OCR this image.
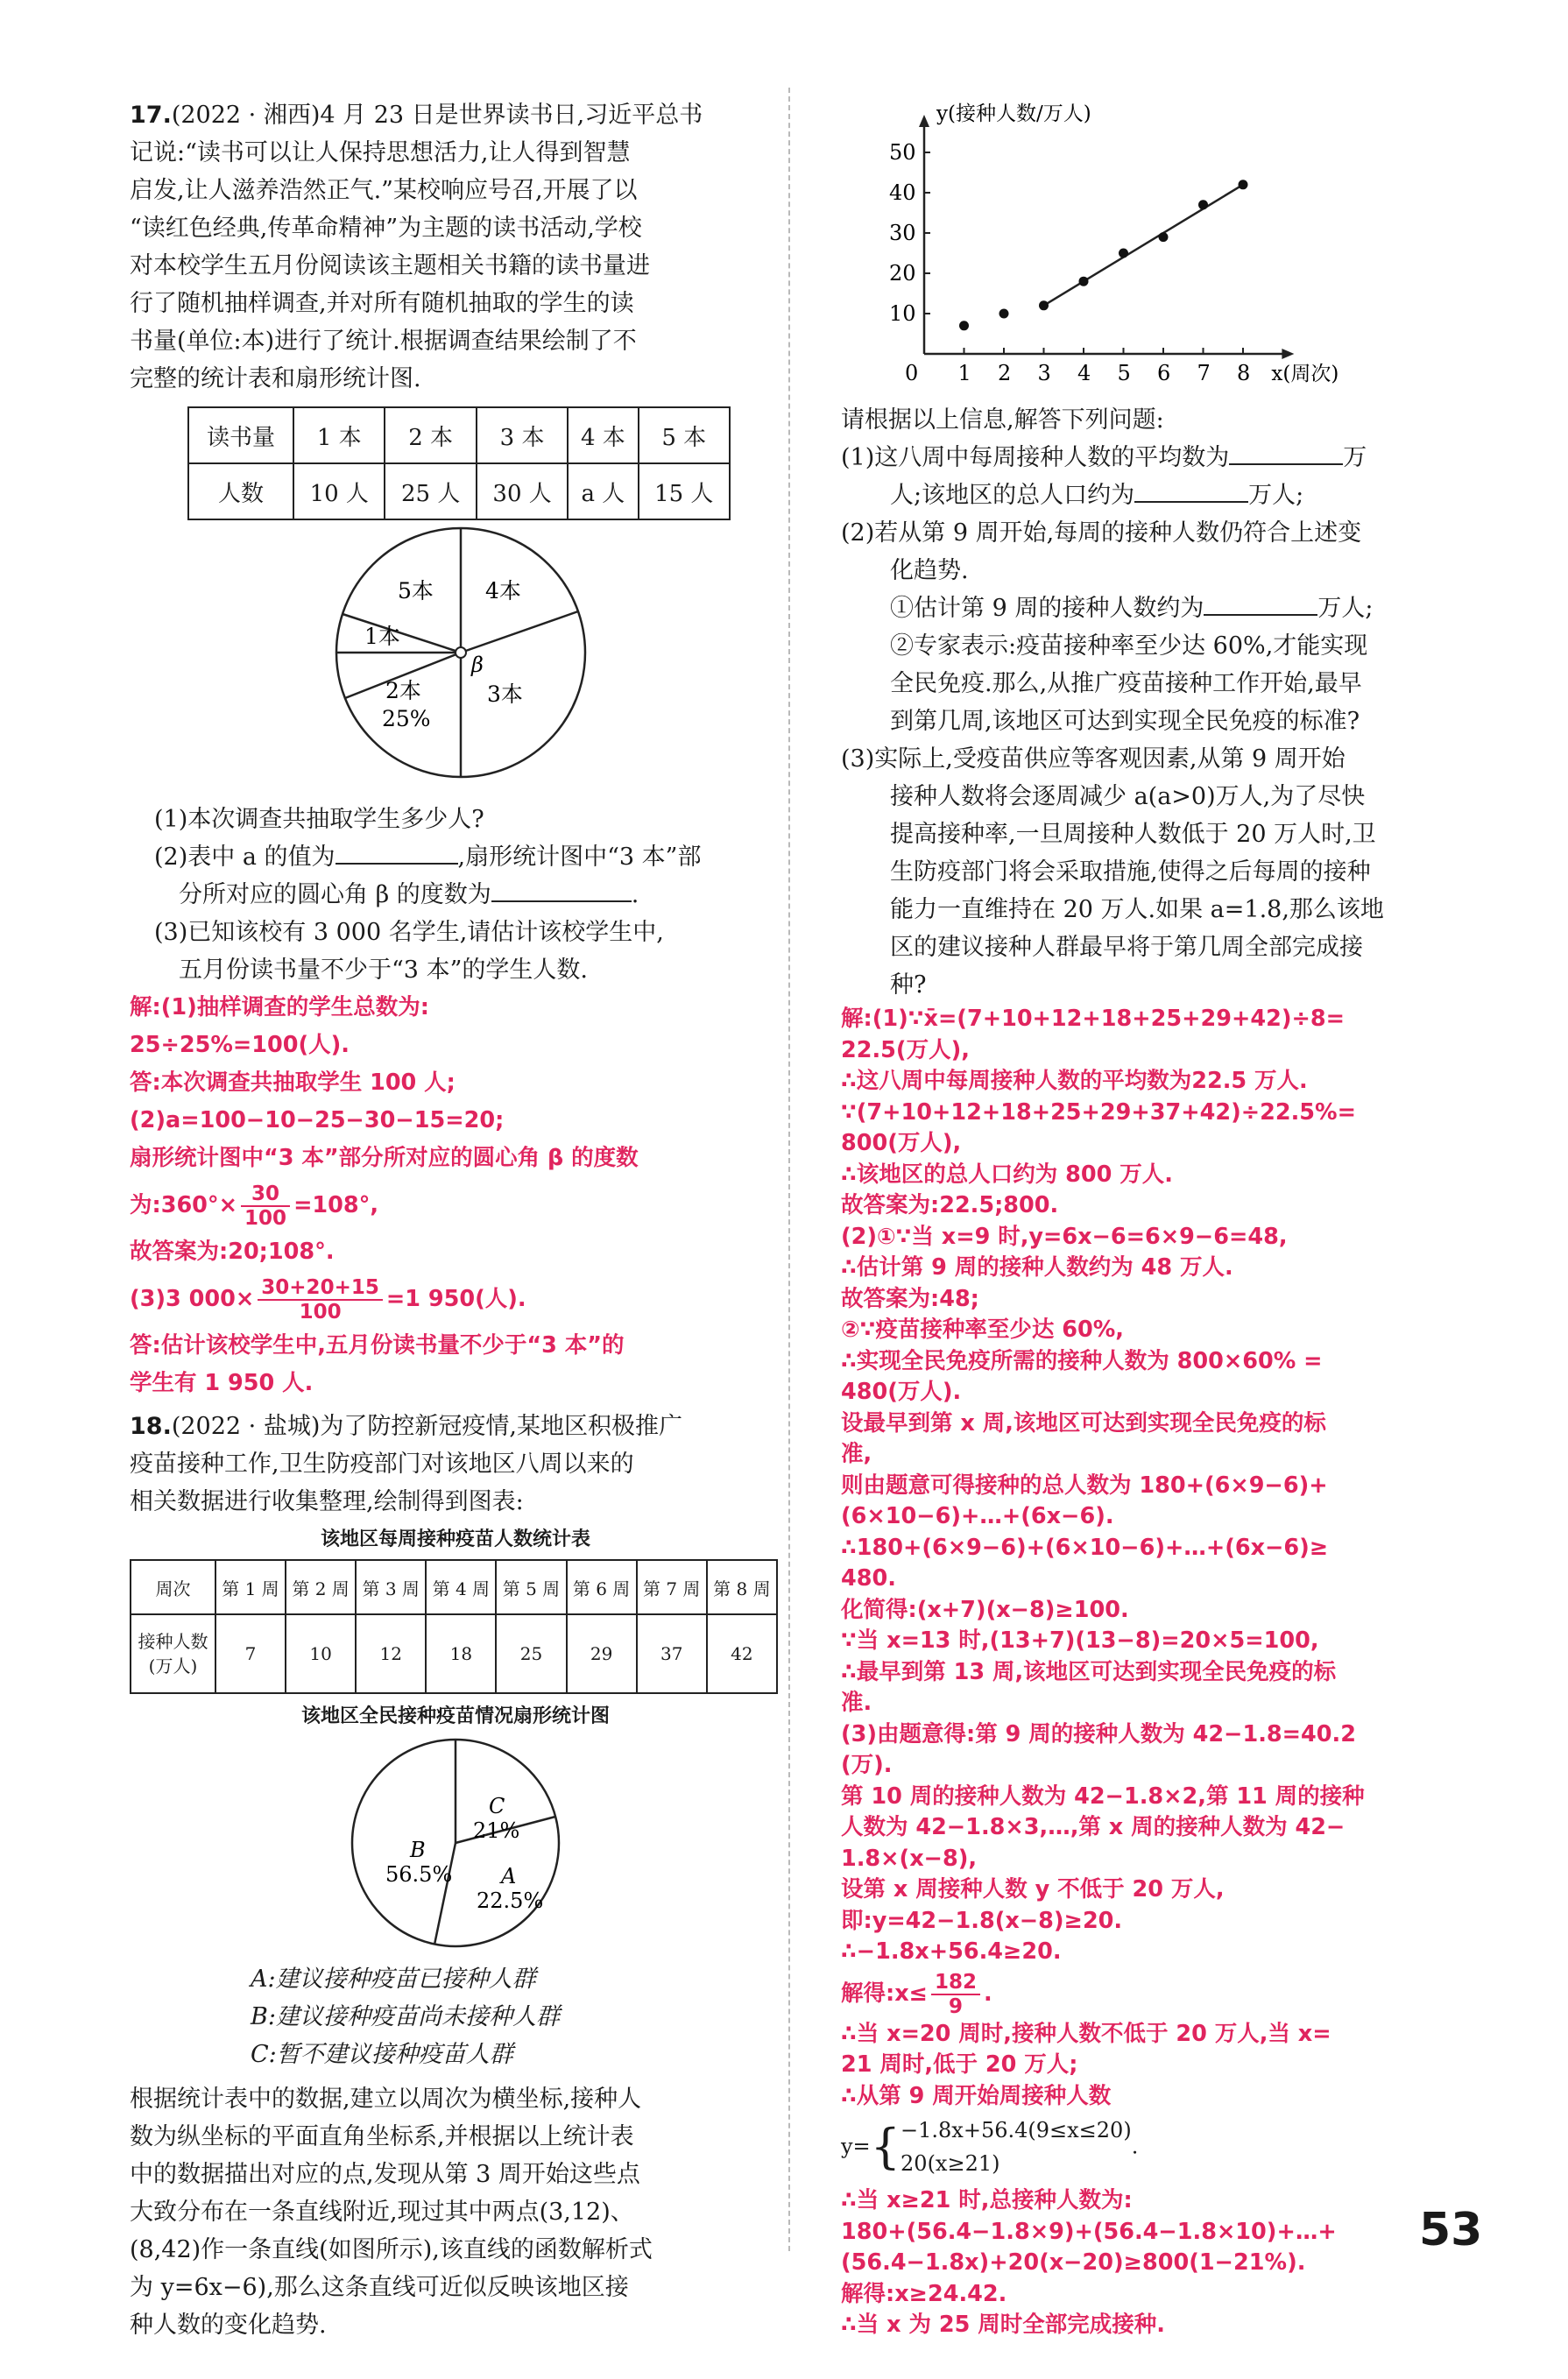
17.(2022 · 湘西)4 月 23 日是世界读书日,习近平总书

记说:“读书可以让人保持思想活力,让人得到智慧

启发,让人滋养浩然正气.”某校响应号召,开展了以

“读红色经典,传革命精神”为主题的读书活动,学校

对本校学生五月份阅读该主题相关书籍的读书量进

行了随机抽样调查,并对所有随机抽取的学生的读

书量(单位:本)进行了统计.根据调查结果绘制了不

完整的统计表和扇形统计图.

读书量	1 本	2 本	3 本	4 本	5 本
人数	10 人	25 人	30 人	a 人	15 人
5本 4本
1本
2本
25%
β
3本

(1)本次调查共抽取学生多少人?

(2)表中 a 的值为	,扇形统计图中“3 本”部

分所对应的圆心角 β 的度数为	.

(3)已知该校有 3 000 名学生,请估计该校学生中,

五月份读书量不少于“3 本”的学生人数.

解:(1)抽样调查的学生总数为:
25÷25%=100(人).
答:本次调查共抽取学生 100 人;
(2)a=100−10−25−30−15=20;
扇形统计图中“3 本”部分所对应的圆心角 β 的度数
为:360°× $\frac{30}{100} =108^\circ$,
故答案为:20;108°.
(3)3 $000\times \frac{30+20+15}{100} =1$ 950(人).
答:估计该校学生中,五月份读书量不少于“3 本”的
学生有 1 950 人.

18.(2022 · 盐城)为了防控新冠疫情,某地区积极推广

疫苗接种工作,卫生防疫部门对该地区八周以来的

相关数据进行收集整理,绘制得到图表:

该地区每周接种疫苗人数统计表
周次	第 1 周	第 2 周	第 3 周	第 4 周	第 5 周	第 6 周	第 7 周	第 8 周
接种人数
(万人)	7	10	12	18	25	29	37	42
该地区全民接种疫苗情况扇形统计图
C
21%
B
56.5% A
22.5%

A:建议接种疫苗已接种人群

B:建议接种疫苗尚未接种人群

C:暂不建议接种疫苗人群

根据统计表中的数据,建立以周次为横坐标,接种人

数为纵坐标的平面直角坐标系,并根据以上统计表

中的数据描出对应的点,发现从第 3 周开始这些点

大致分布在一条直线附近,现过其中两点(3,12)、

(8,42)作一条直线(如图所示),该直线的函数解析式

为 y=6x−6),那么这条直线可近似反映该地区接

种人数的变化趋势.

0 1 2 3 4 5 6 7 8
10
20
30
40
50
y(接种人数/万人)
x(周次)

请根据以上信息,解答下列问题:

(1)这八周中每周接种人数的平均数为	万

人;该地区的总人口约为	万人;

(2)若从第 9 周开始,每周的接种人数仍符合上述变

化趋势.

①估计第 9 周的接种人数约为	万人;

②专家表示:疫苗接种率至少达 60%,才能实现

全民免疫.那么,从推广疫苗接种工作开始,最早

到第几周,该地区可达到实现全民免疫的标准?

(3)实际上,受疫苗供应等客观因素,从第 9 周开始

接种人数将会逐周减少 a(a>0)万人,为了尽快

提高接种率,一旦周接种人数低于 20 万人时,卫

生防疫部门将会采取措施,使得之后每周的接种

能力一直维持在 20 万人.如果 a=1.8,那么该地

区的建议接种人群最早将于第几周全部完成接

种?

解:(1)∵x̄=(7+10+12+18+25+29+42)÷8=
22.5(万人),
∴这八周中每周接种人数的平均数为22.5 万人.
∵(7+10+12+18+25+29+37+42)÷22.5%=
800(万人),
∴该地区的总人口约为 800 万人.
故答案为:22.5;800.
(2)①∵当 x=9 时,y=6x−6=6×9−6=48,
∴估计第 9 周的接种人数约为 48 万人.
故答案为:48;
②∵疫苗接种率至少达 60%,
∴实现全民免疫所需的接种人数为 800×60% =
480(万人).
设最早到第 x 周,该地区可达到实现全民免疫的标
准,
则由题意可得接种的总人数为 180+(6×9−6)+
(6×10−6)+…+(6x−6).
∴180+(6×9−6)+(6×10−6)+…+(6x−6)≥
480.
化简得:(x+7)(x−8)≥100.
∵当 x=13 时,(13+7)(13−8)=20×5=100,
∴最早到第 13 周,该地区可达到实现全民免疫的标
准.
(3)由题意得:第 9 周的接种人数为 42−1.8=40.2
(万).
第 10 周的接种人数为 42−1.8×2,第 11 周的接种
人数为 42−1.8×3,…,第 x 周的接种人数为 42−
1.8×(x−8),
设第 x 周接种人数 y 不低于 20 万人,
即:y=42−1.8(x−8)≥20.
∴−1.8x+56.4≥20.
解得:x≤ $\frac{182}{9}$ .
∴当 x=20 周时,接种人数不低于 20 万人,当 x=
21 周时,低于 20 万人;
∴从第 9 周开始周接种人数
y={−1.8x+56.4(9≤x≤20)
20(x≥21).
∴当 x≥21 时,总接种人数为:
180+(56.4−1.8×9)+(56.4−1.8×10)+…+
(56.4−1.8x)+20(x−20)≥800(1−21%).
解得:x≥24.42.
∴当 x 为 25 周时全部完成接种.
53
